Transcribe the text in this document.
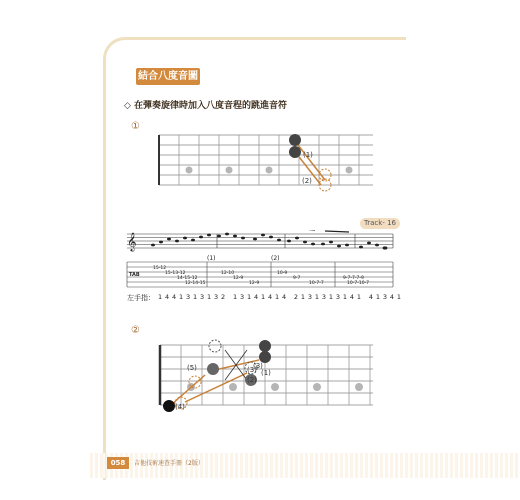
結合八度音圖
◇ 在彈奏旋律時加入八度音程的跳進音符
①
(1)
(2)
Track- 16
𝄞
TAB
(1)	(2)
15-12
15-13-12
14-15-12
12-14-15
12-10
12-9
12-9
10-9
9-7
10-7-7
9-7-7-7-9
10-7-10-7
左手指： 1 4 4 1 3 1 3 1 3 2   1 3 1 4 1 4 1 4   2 1 3 1 3 1 3 1 4 1   4 1 3 4 1
②
(5)	(3)
(4)
(2)
(1)
(3)
058	吉他技術速查手冊（2版）
